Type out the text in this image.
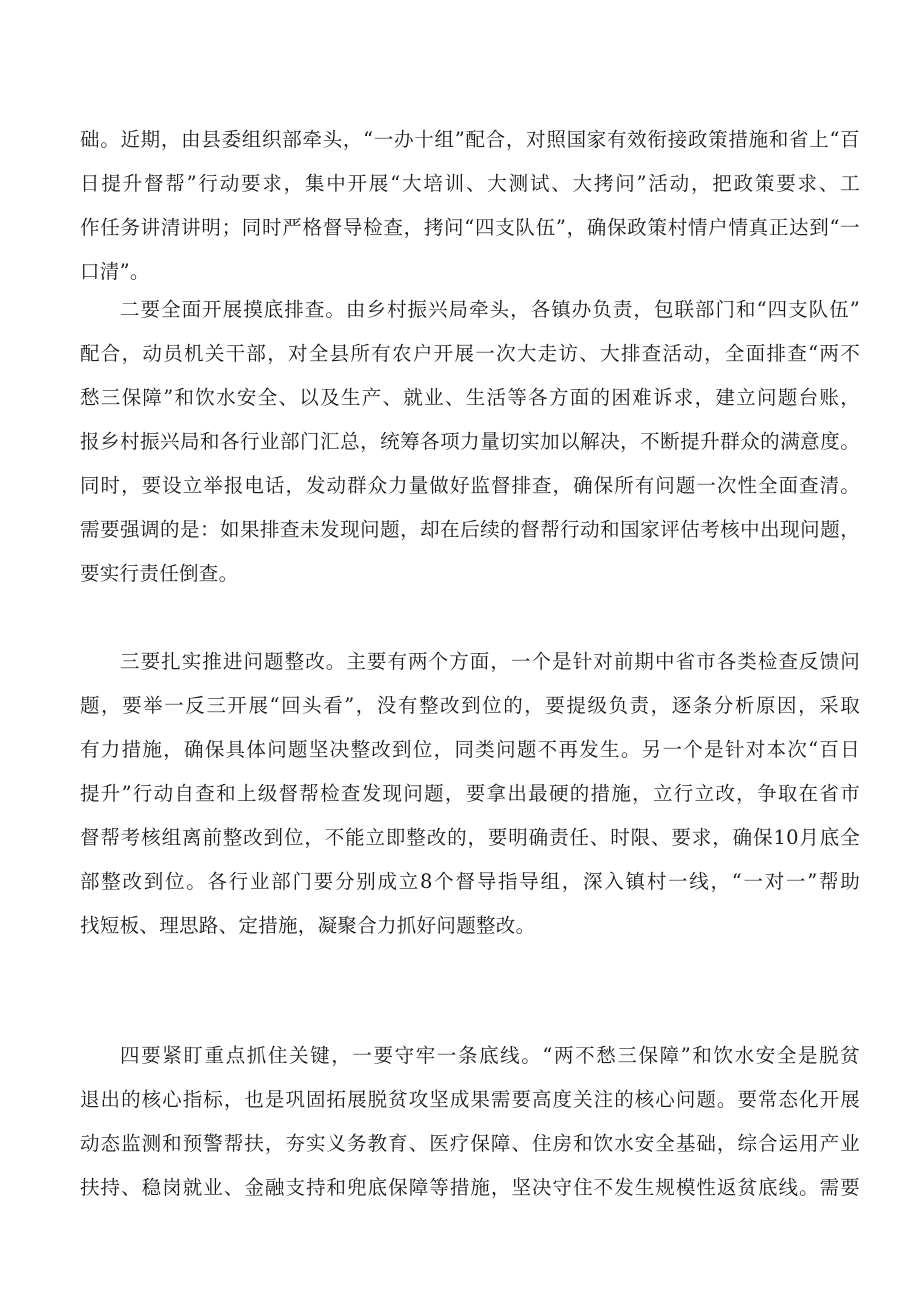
础。近期，由县委组织部牵头，“一办十组”配合，对照国家有效衔接政策措施和省上“百
日提升督帮”行动要求，集中开展“大培训、大测试、大拷问”活动，把政策要求、工
作任务讲清讲明；同时严格督导检查，拷问“四支队伍”，确保政策村情户情真正达到“一
口清”。

二要全面开展摸底排查。由乡村振兴局牵头，各镇办负责，包联部门和“四支队伍”
配合，动员机关干部，对全县所有农户开展一次大走访、大排查活动，全面排查“两不
愁三保障”和饮水安全、以及生产、就业、生活等各方面的困难诉求，建立问题台账，
报乡村振兴局和各行业部门汇总，统筹各项力量切实加以解决，不断提升群众的满意度。
同时，要设立举报电话，发动群众力量做好监督排查，确保所有问题一次性全面查清。
需要强调的是：如果排查未发现问题，却在后续的督帮行动和国家评估考核中出现问题，
要实行责任倒查。

三要扎实推进问题整改。主要有两个方面，一个是针对前期中省市各类检查反馈问
题，要举一反三开展“回头看”，没有整改到位的，要提级负责，逐条分析原因，采取
有力措施，确保具体问题坚决整改到位，同类问题不再发生。另一个是针对本次“百日
提升”行动自查和上级督帮检查发现问题，要拿出最硬的措施，立行立改，争取在省市
督帮考核组离前整改到位，不能立即整改的，要明确责任、时限、要求，确保10月底全
部整改到位。各行业部门要分别成立8个督导指导组，深入镇村一线，“一对一”帮助
找短板、理思路、定措施，凝聚合力抓好问题整改。

四要紧盯重点抓住关键，一要守牢一条底线。“两不愁三保障”和饮水安全是脱贫
退出的核心指标，也是巩固拓展脱贫攻坚成果需要高度关注的核心问题。要常态化开展
动态监测和预警帮扶，夯实义务教育、医疗保障、住房和饮水安全基础，综合运用产业
扶持、稳岗就业、金融支持和兜底保障等措施，坚决守住不发生规模性返贫底线。需要
